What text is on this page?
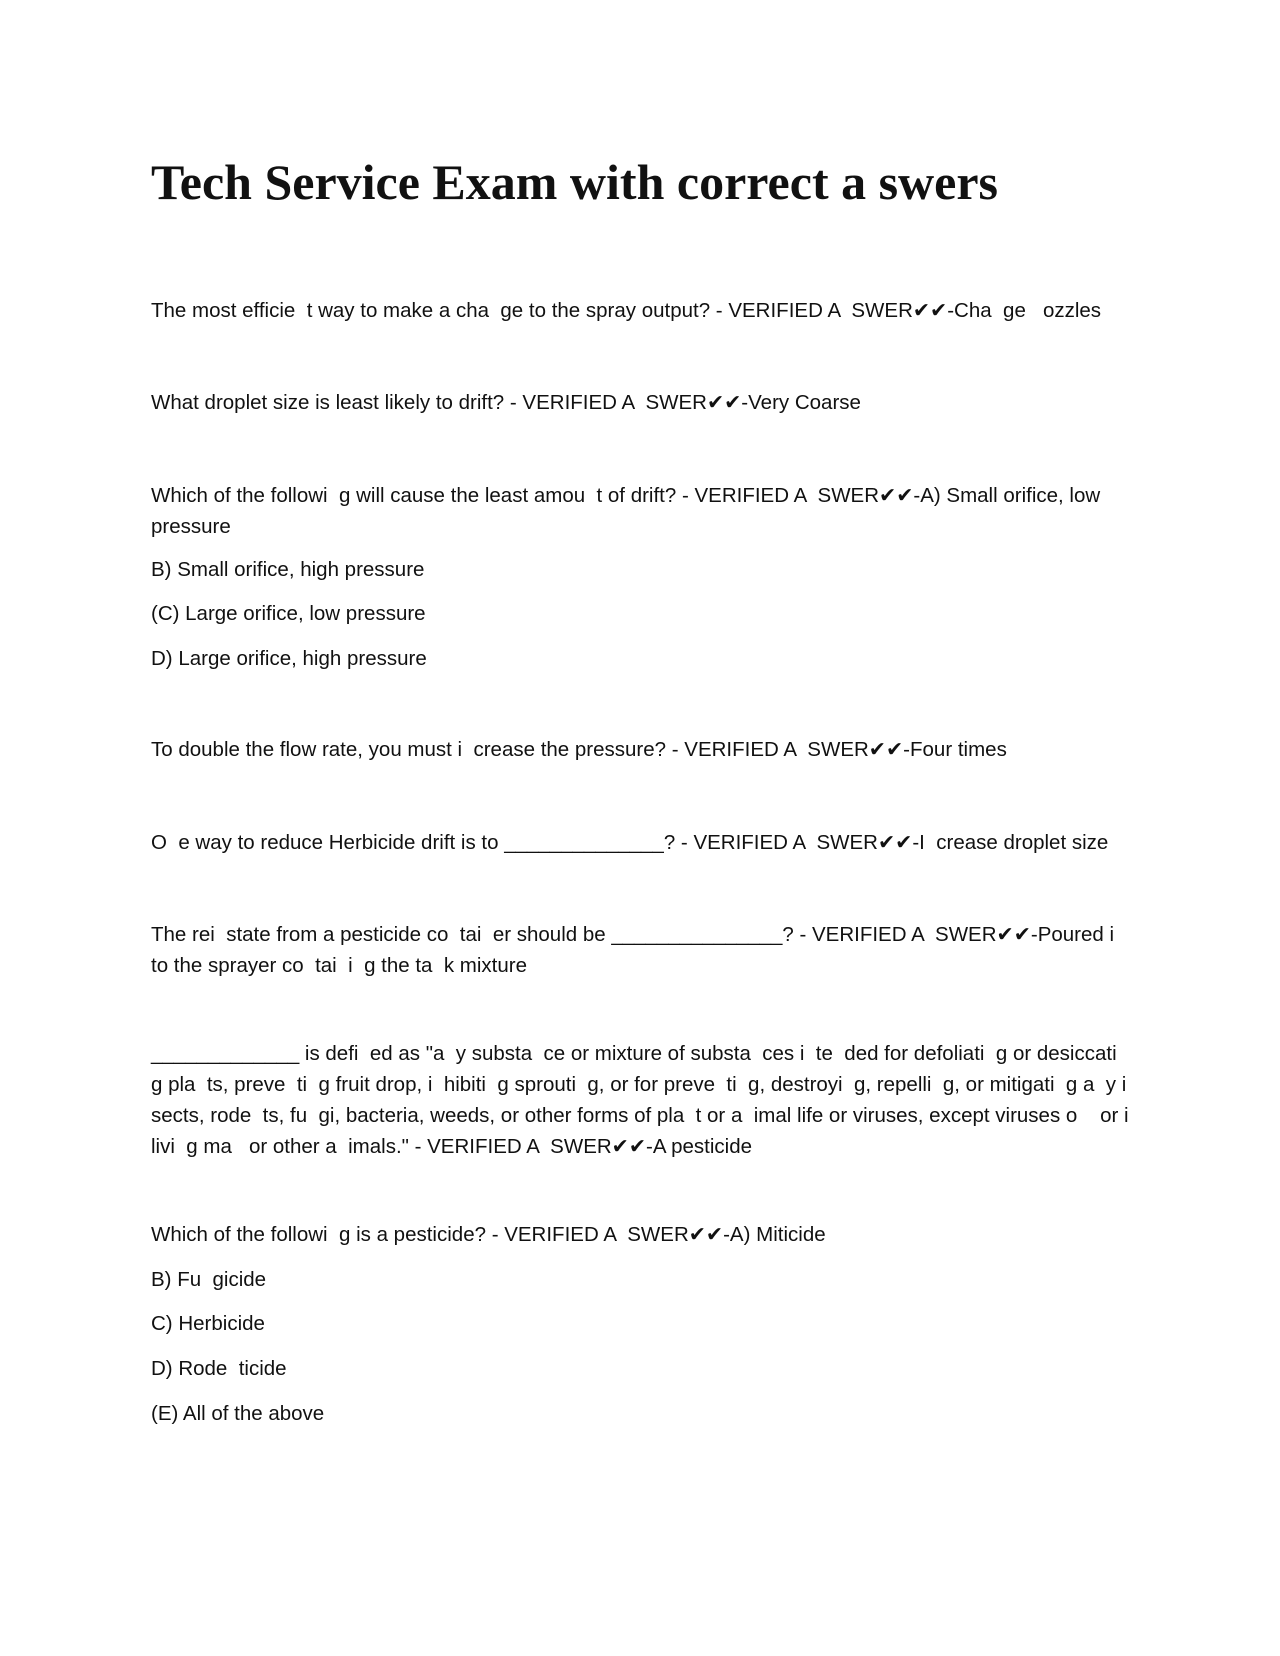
Tech Service Exam with correct a swers

The most efficie  t way to make a cha  ge to the spray output? - VERIFIED A  SWER✔✔-Cha  ge   ozzles

What droplet size is least likely to drift? - VERIFIED A  SWER✔✔-Very Coarse

Which of the followi  g will cause the least amou  t of drift? - VERIFIED A  SWER✔✔-A) Small orifice, low pressure

B) Small orifice, high pressure

(C) Large orifice, low pressure

D) Large orifice, high pressure

To double the flow rate, you must i  crease the pressure? - VERIFIED A  SWER✔✔-Four times

O  e way to reduce Herbicide drift is to ______________? - VERIFIED A  SWER✔✔-I  crease droplet size

The rei  state from a pesticide co  tai  er should be _______________? - VERIFIED A  SWER✔✔-Poured i  to the sprayer co  tai  i  g the ta  k mixture

_____________ is defi  ed as "a  y substa  ce or mixture of substa  ces i  te  ded for defoliati  g or desiccati  g pla  ts, preve  ti  g fruit drop, i  hibiti  g sprouti  g, or for preve  ti  g, destroyi  g, repelli  g, or mitigati  g a  y i  sects, rode  ts, fu  gi, bacteria, weeds, or other forms of pla  t or a  imal life or viruses, except viruses o    or i   livi  g ma   or other a  imals." - VERIFIED A  SWER✔✔-A pesticide

Which of the followi  g is a pesticide? - VERIFIED A  SWER✔✔-A) Miticide

B) Fu  gicide

C) Herbicide

D) Rode  ticide

(E) All of the above
